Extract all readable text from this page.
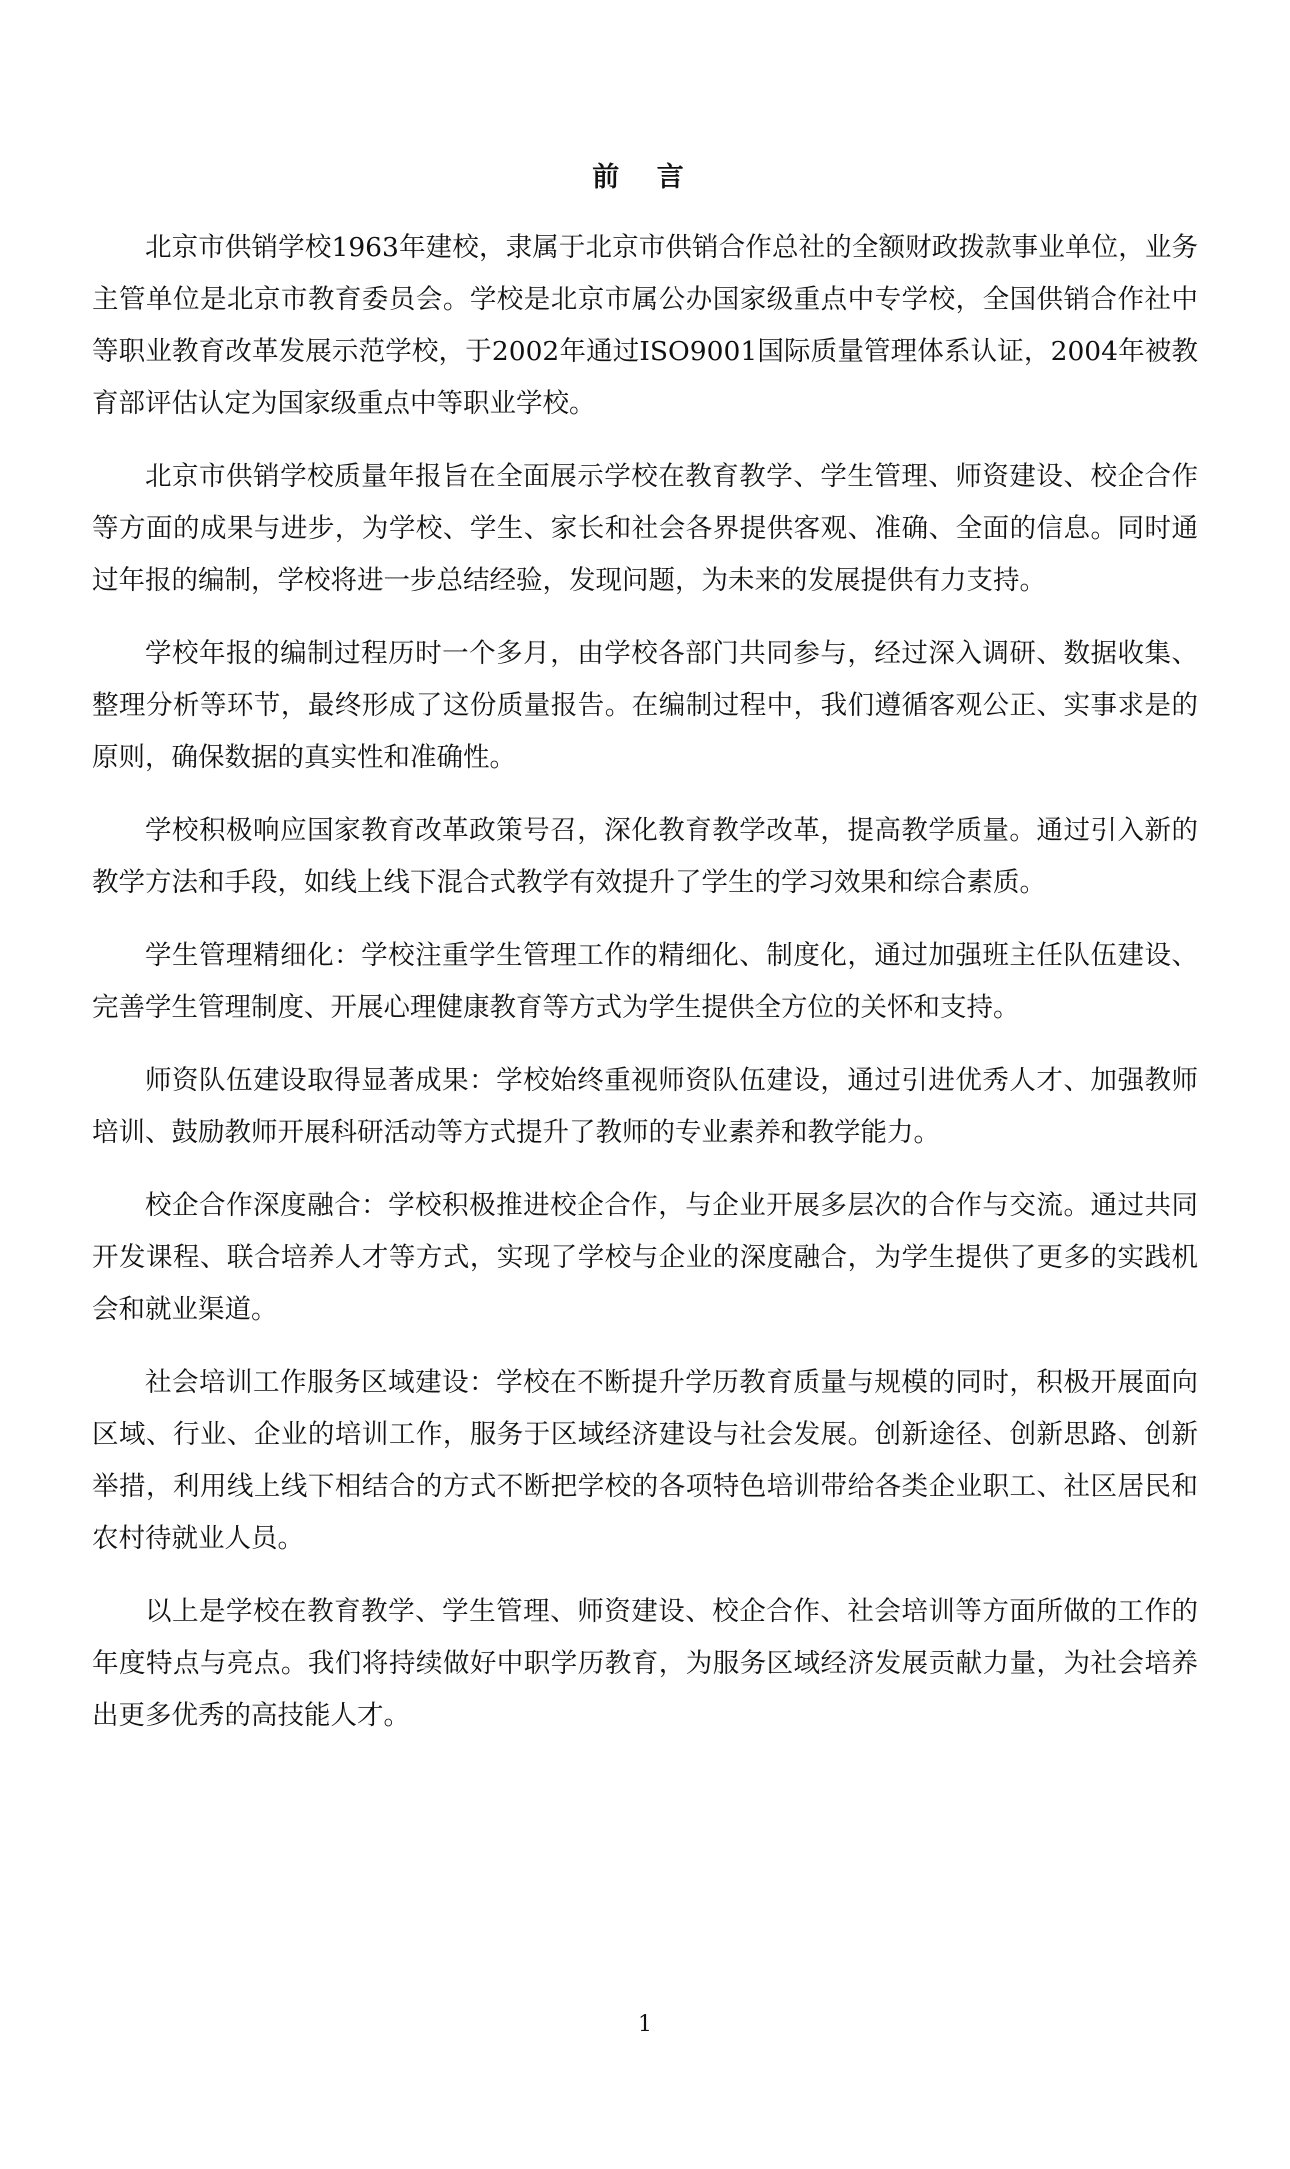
前 言

北京市供销学校1963年建校，隶属于北京市供销合作总社的全额财政拨款事业单位，业务主管单位是北京市教育委员会。学校是北京市属公办国家级重点中专学校，全国供销合作社中等职业教育改革发展示范学校，于2002年通过ISO9001国际质量管理体系认证，2004年被教育部评估认定为国家级重点中等职业学校。

北京市供销学校质量年报旨在全面展示学校在教育教学、学生管理、师资建设、校企合作等方面的成果与进步，为学校、学生、家长和社会各界提供客观、准确、全面的信息。同时通过年报的编制，学校将进一步总结经验，发现问题，为未来的发展提供有力支持。

学校年报的编制过程历时一个多月，由学校各部门共同参与，经过深入调研、数据收集、整理分析等环节，最终形成了这份质量报告。在编制过程中，我们遵循客观公正、实事求是的原则，确保数据的真实性和准确性。

学校积极响应国家教育改革政策号召，深化教育教学改革，提高教学质量。通过引入新的教学方法和手段，如线上线下混合式教学有效提升了学生的学习效果和综合素质。

学生管理精细化：学校注重学生管理工作的精细化、制度化，通过加强班主任队伍建设、完善学生管理制度、开展心理健康教育等方式为学生提供全方位的关怀和支持。

师资队伍建设取得显著成果：学校始终重视师资队伍建设，通过引进优秀人才、加强教师培训、鼓励教师开展科研活动等方式提升了教师的专业素养和教学能力。

校企合作深度融合：学校积极推进校企合作，与企业开展多层次的合作与交流。通过共同开发课程、联合培养人才等方式，实现了学校与企业的深度融合，为学生提供了更多的实践机会和就业渠道。

社会培训工作服务区域建设：学校在不断提升学历教育质量与规模的同时，积极开展面向区域、行业、企业的培训工作，服务于区域经济建设与社会发展。创新途径、创新思路、创新举措，利用线上线下相结合的方式不断把学校的各项特色培训带给各类企业职工、社区居民和农村待就业人员。

以上是学校在教育教学、学生管理、师资建设、校企合作、社会培训等方面所做的工作的年度特点与亮点。我们将持续做好中职学历教育，为服务区域经济发展贡献力量，为社会培养出更多优秀的高技能人才。

1
